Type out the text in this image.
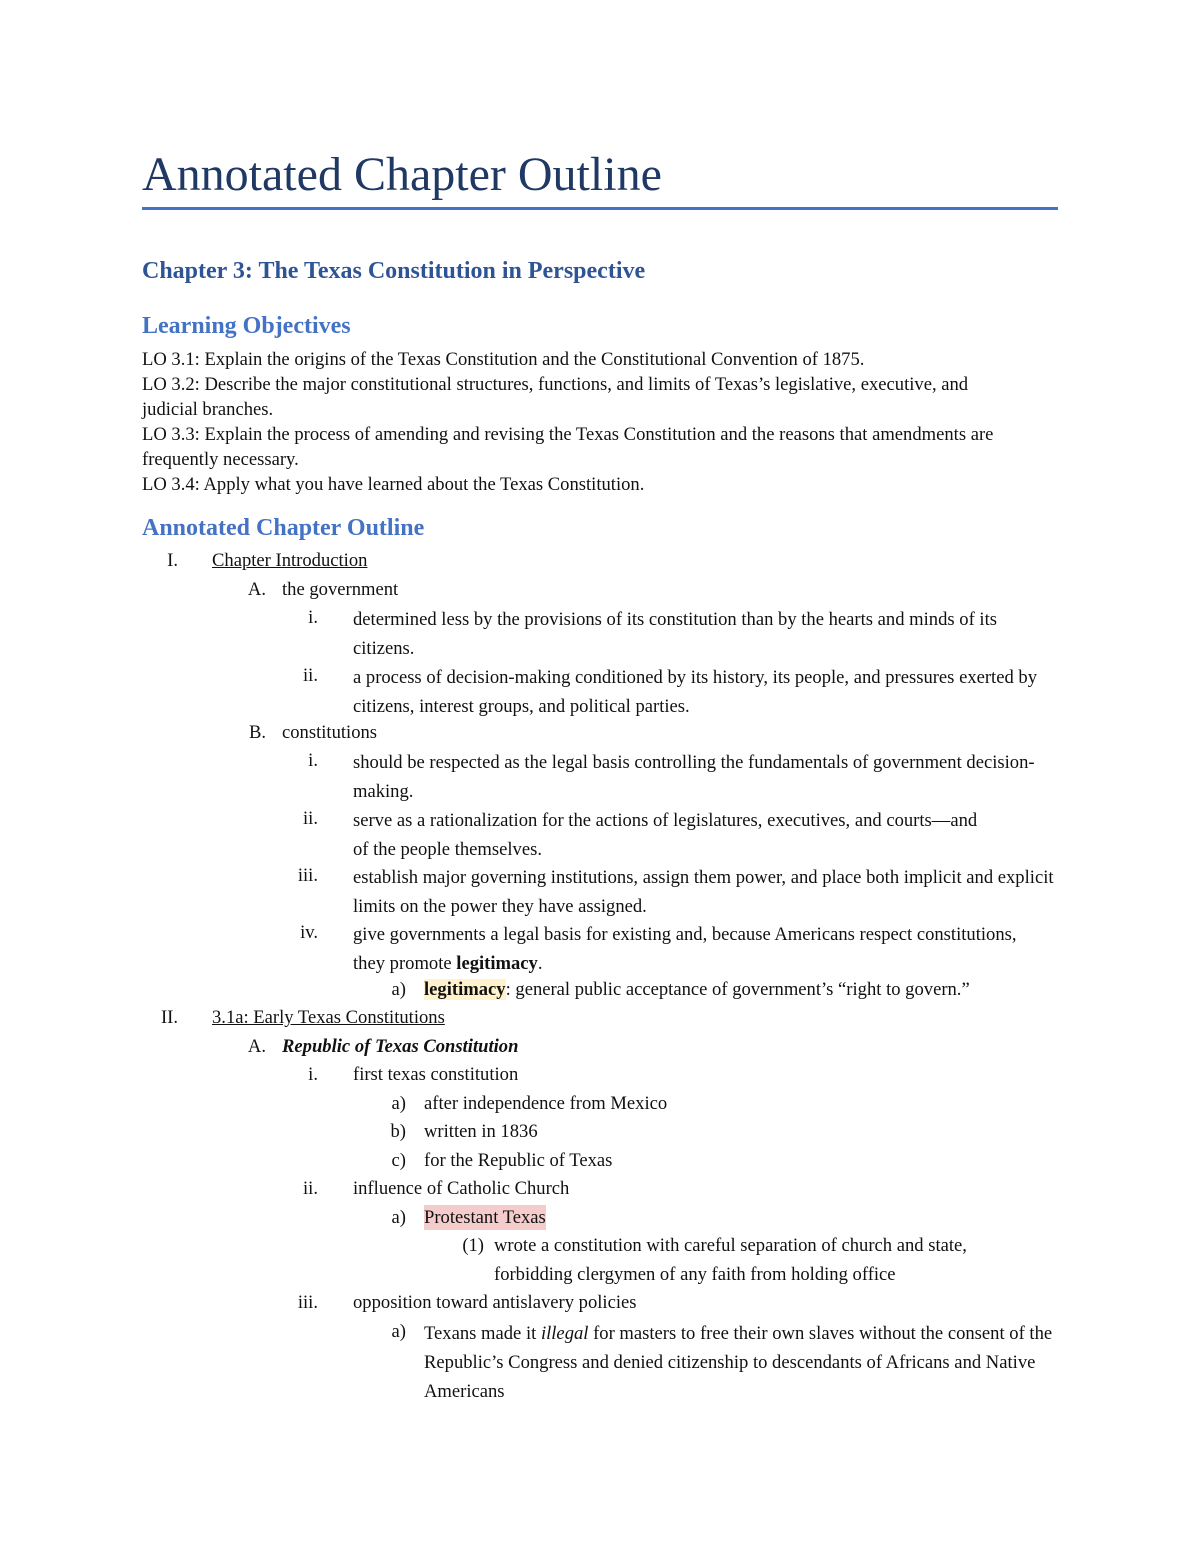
Annotated Chapter Outline
Chapter 3: The Texas Constitution in Perspective
Learning Objectives

LO 3.1: Explain the origins of the Texas Constitution and the Constitutional Convention of 1875.

LO 3.2: Describe the major constitutional structures, functions, and limits of Texas’s legislative, executive, and judicial branches.

LO 3.3: Explain the process of amending and revising the Texas Constitution and the reasons that amendments are frequently necessary.

LO 3.4: Apply what you have learned about the Texas Constitution.

Annotated Chapter Outline
I. Chapter Introduction
A. the government
i. determined less by the provisions of its constitution than by the hearts and minds of its citizens.
ii. a process of decision-making conditioned by its history, its people, and pressures exerted by citizens, interest groups, and political parties.
B. constitutions
i. should be respected as the legal basis controlling the fundamentals of government decision-making.
ii. serve as a rationalization for the actions of legislatures, executives, and courts—and of the people themselves.
iii. establish major governing institutions, assign them power, and place both implicit and explicit limits on the power they have assigned.
iv. give governments a legal basis for existing and, because Americans respect constitutions, they promote legitimacy.
a) legitimacy: general public acceptance of government’s “right to govern.”
II. 3.1a: Early Texas Constitutions
A. Republic of Texas Constitution
i. first texas constitution
a) after independence from Mexico
b) written in 1836
c) for the Republic of Texas
ii. influence of Catholic Church
a) Protestant Texas
(1) wrote a constitution with careful separation of church and state,
forbidding clergymen of any faith from holding office
iii. opposition toward antislavery policies
a) Texans made it illegal for masters to free their own slaves without the consent of the Republic’s Congress and denied citizenship to descendants of Africans and Native Americans
